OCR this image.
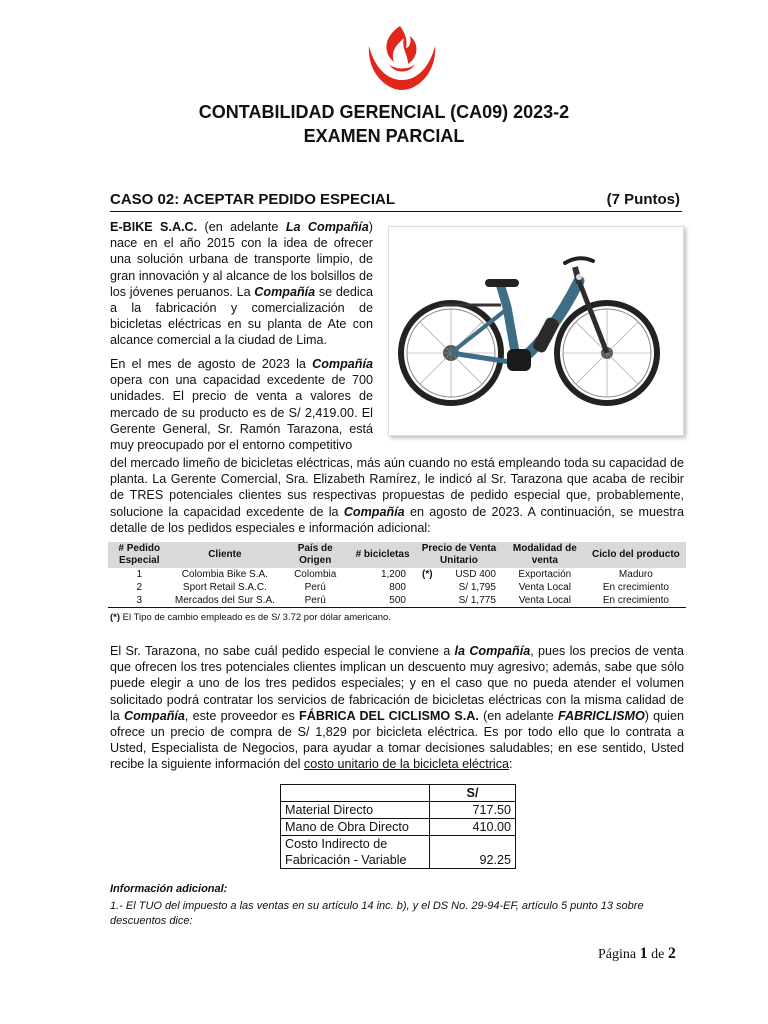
CONTABILIDAD GERENCIAL (CA09) 2023-2
EXAMEN PARCIAL
CASO 02: ACEPTAR PEDIDO ESPECIAL	(7 Puntos)
E-BIKE S.A.C. (en adelante La Compañía) nace en el año 2015 con la idea de ofrecer una solución urbana de transporte limpio, de gran innovación y al alcance de los bolsillos de los jóvenes peruanos. La Compañía se dedica a la fabricación y comercialización de bicicletas eléctricas en su planta de Ate con alcance comercial a la ciudad de Lima.
En el mes de agosto de 2023 la Compañía opera con una capacidad excedente de 700 unidades. El precio de venta a valores de mercado de su producto es de S/ 2,419.00. El Gerente General, Sr. Ramón Tarazona, está muy preocupado por el entorno competitivo
del mercado limeño de bicicletas eléctricas, más aún cuando no está empleando toda su capacidad de planta. La Gerente Comercial, Sra. Elizabeth Ramírez, le indicó al Sr. Tarazona que acaba de recibir de TRES potenciales clientes sus respectivas propuestas de pedido especial que, probablemente, solucione la capacidad excedente de la Compañía en agosto de 2023. A continuación, se muestra detalle de los pedidos especiales e información adicional:
# Pedido Especial	Cliente	País de Origen	# bicicletas	Precio de Venta Unitario	Modalidad de venta	Ciclo del producto
1	Colombia Bike S.A.	Colombia	1,200	(*) USD 400	Exportación	Maduro
2	Sport Retail S.A.C.	Perú	800	S/ 1,795	Venta Local	En crecimiento
3	Mercados del Sur S.A.	Perú	500	S/ 1,775	Venta Local	En crecimiento
(*) El Tipo de cambio empleado es de S/ 3.72 por dólar americano.
El Sr. Tarazona, no sabe cuál pedido especial le conviene a la Compañía, pues los precios de venta que ofrecen los tres potenciales clientes implican un descuento muy agresivo; además, sabe que sólo puede elegir a uno de los tres pedidos especiales; y en el caso que no pueda atender el volumen solicitado podrá contratar los servicios de fabricación de bicicletas eléctricas con la misma calidad de la Compañía, este proveedor es FÁBRICA DEL CICLISMO S.A. (en adelante FABRICLISMO) quien ofrece un precio de compra de S/ 1,829 por bicicleta eléctrica. Es por todo ello que lo contrata a Usted, Especialista de Negocios, para ayudar a tomar decisiones saludables; en ese sentido, Usted recibe la siguiente información del costo unitario de la bicicleta eléctrica:
	S/
Material Directo	717.50
Mano de Obra Directo	410.00
Costo Indirecto de
Fabricación - Variable	92.25
Información adicional:
1.- El TUO del impuesto a las ventas en su artículo 14 inc. b), y el DS No. 29-94-EF, artículo 5 punto 13 sobre descuentos dice:
Página 1 de 2
